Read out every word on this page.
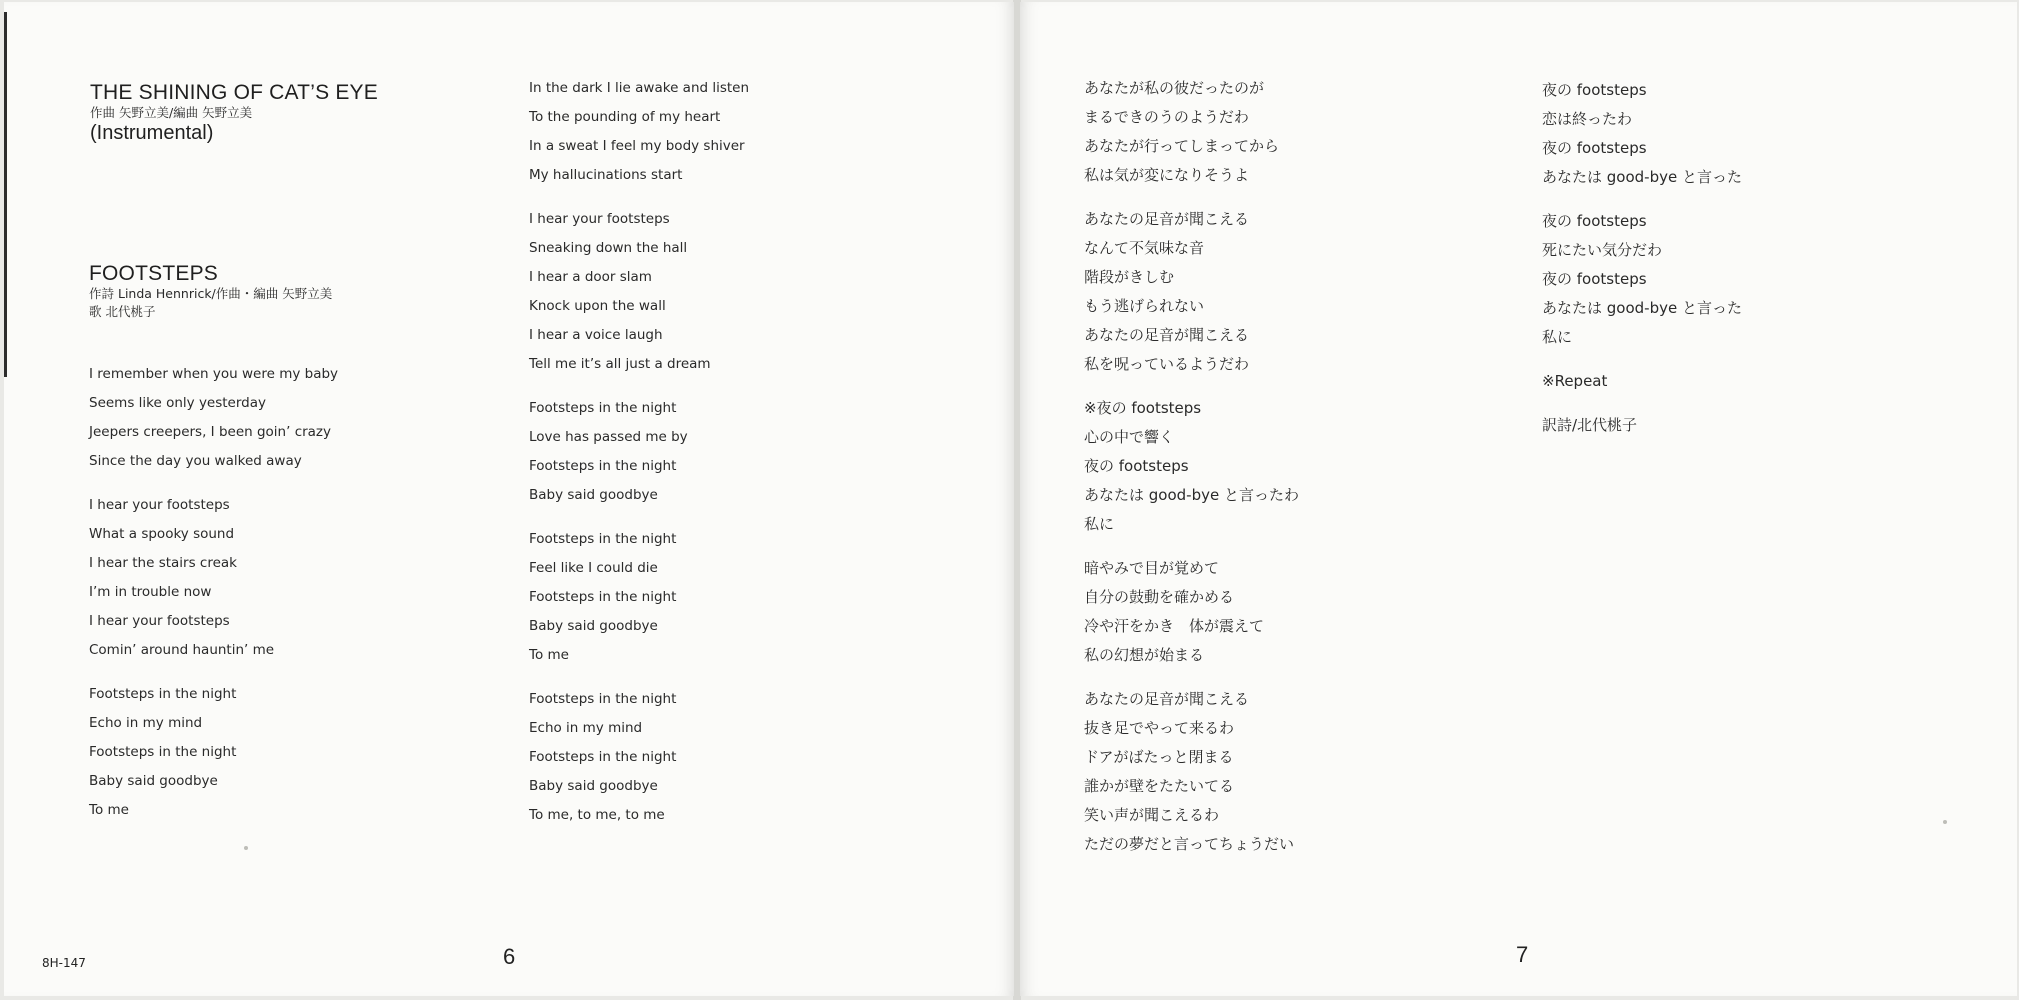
THE SHINING OF CAT’S EYE
作曲 矢野立美/編曲 矢野立美
(Instrumental)
FOOTSTEPS
作詩 Linda Hennrick/作曲・編曲 矢野立美
歌 北代桃子
I remember when you were my baby
Seems like only yesterday
Jeepers creepers, I been goin’ crazy
Since the day you walked away
I hear your footsteps
What a spooky sound
I hear the stairs creak
I’m in trouble now
I hear your footsteps
Comin’ around hauntin’ me
Footsteps in the night
Echo in my mind
Footsteps in the night
Baby said goodbye
To me
In the dark I lie awake and listen
To the pounding of my heart
In a sweat I feel my body shiver
My hallucinations start
I hear your footsteps
Sneaking down the hall
I hear a door slam
Knock upon the wall
I hear a voice laugh
Tell me it’s all just a dream
Footsteps in the night
Love has passed me by
Footsteps in the night
Baby said goodbye
Footsteps in the night
Feel like I could die
Footsteps in the night
Baby said goodbye
To me
Footsteps in the night
Echo in my mind
Footsteps in the night
Baby said goodbye
To me, to me, to me
8H-147	6
あなたが私の彼だったのが
まるできのうのようだわ
あなたが行ってしまってから
私は気が変になりそうよ
あなたの足音が聞こえる
なんて不気味な音
階段がきしむ
もう逃げられない
あなたの足音が聞こえる
私を呪っているようだわ
※夜の footsteps
心の中で響く
夜の footsteps
あなたは good-bye と言ったわ
私に
暗やみで目が覚めて
自分の鼓動を確かめる
冷や汗をかき　体が震えて
私の幻想が始まる
あなたの足音が聞こえる
抜き足でやって来るわ
ドアがばたっと閉まる
誰かが壁をたたいてる
笑い声が聞こえるわ
ただの夢だと言ってちょうだい
夜の footsteps
恋は終ったわ
夜の footsteps
あなたは good-bye と言った
夜の footsteps
死にたい気分だわ
夜の footsteps
あなたは good-bye と言った
私に
※Repeat
訳詩/北代桃子
7
